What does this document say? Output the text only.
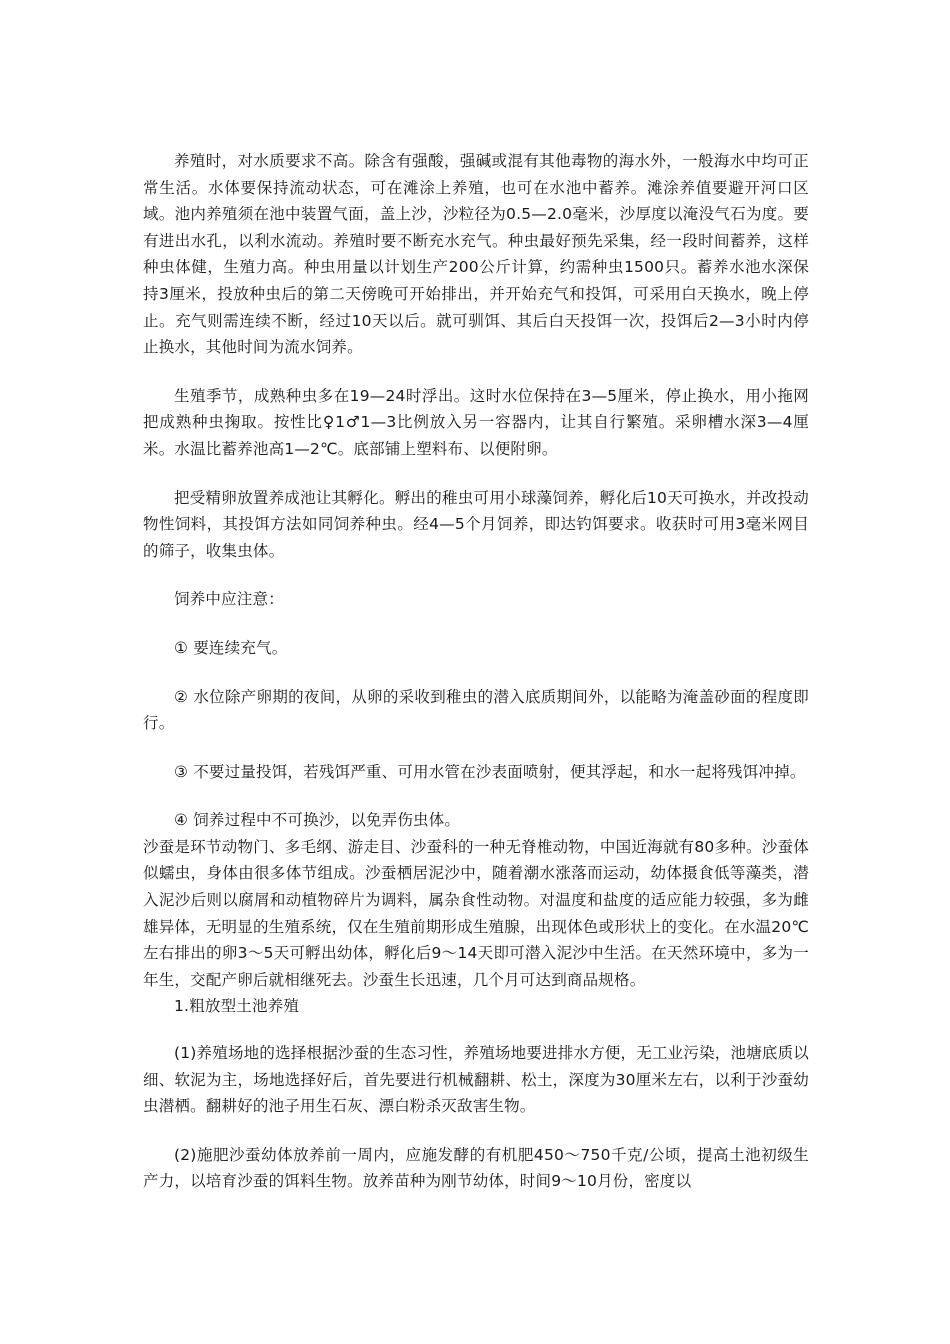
养殖时，对水质要求不高。除含有强酸，强碱或混有其他毒物的海水外，一般海水中均可正常生活。水体要保持流动状态，可在滩涂上养殖，也可在水池中蓄养。滩涂养值要避开河口区域。池内养殖须在池中装置气面，盖上沙，沙粒径为0.5—2.0毫米，沙厚度以淹没气石为度。要有进出水孔，以利水流动。养殖时要不断充水充气。种虫最好预先采集，经一段时间蓄养，这样种虫体健，生殖力高。种虫用量以计划生产200公斤计算，约需种虫1500只。蓄养水池水深保持3厘米，投放种虫后的第二天傍晚可开始排出，并开始充气和投饵，可采用白天换水，晚上停止。充气则需连续不断，经过10天以后。就可驯饵、其后白天投饵一次，投饵后2—3小时内停止换水，其他时间为流水饲养。

生殖季节，成熟种虫多在19—24时浮出。这时水位保持在3—5厘米，停止换水，用小拖网把成熟种虫掬取。按性比♀1♂1—3比例放入另一容器内，让其自行繁殖。采卵槽水深3—4厘米。水温比蓄养池高1—2℃。底部铺上塑料布、以便附卵。

把受精卵放置养成池让其孵化。孵出的稚虫可用小球藻饲养，孵化后10天可换水，并改投动物性饲料，其投饵方法如同饲养种虫。经4—5个月饲养，即达钓饵要求。收获时可用3毫米网目的筛子，收集虫体。

饲养中应注意：

① 要连续充气。

② 水位除产卵期的夜间，从卵的采收到稚虫的潜入底质期间外，以能略为淹盖砂面的程度即行。

③ 不要过量投饵，若残饵严重、可用水管在沙表面喷射，便其浮起，和水一起将残饵冲掉。

④ 饲养过程中不可换沙，以免弄伤虫体。

沙蚕是环节动物门、多毛纲、游走目、沙蚕科的一种无脊椎动物，中国近海就有80多种。沙蚕体似蠕虫，身体由很多体节组成。沙蚕栖居泥沙中，随着潮水涨落而运动，幼体摄食低等藻类，潜入泥沙后则以腐屑和动植物碎片为调料，属杂食性动物。对温度和盐度的适应能力较强，多为雌雄异体，无明显的生殖系统，仅在生殖前期形成生殖腺，出现体色或形状上的变化。在水温20℃左右排出的卵3～5天可孵出幼体，孵化后9～14天即可潜入泥沙中生活。在天然环境中，多为一年生，交配产卵后就相继死去。沙蚕生长迅速，几个月可达到商品规格。

1.粗放型土池养殖

(1)养殖场地的选择根据沙蚕的生态习性，养殖场地要进排水方便，无工业污染，池塘底质以细、软泥为主，场地选择好后，首先要进行机械翻耕、松土，深度为30厘米左右，以利于沙蚕幼虫潜栖。翻耕好的池子用生石灰、漂白粉杀灭敌害生物。

(2)施肥沙蚕幼体放养前一周内，应施发酵的有机肥450～750千克/公顷，提高土池初级生产力，以培育沙蚕的饵料生物。放养苗种为刚节幼体，时间9～10月份，密度以
